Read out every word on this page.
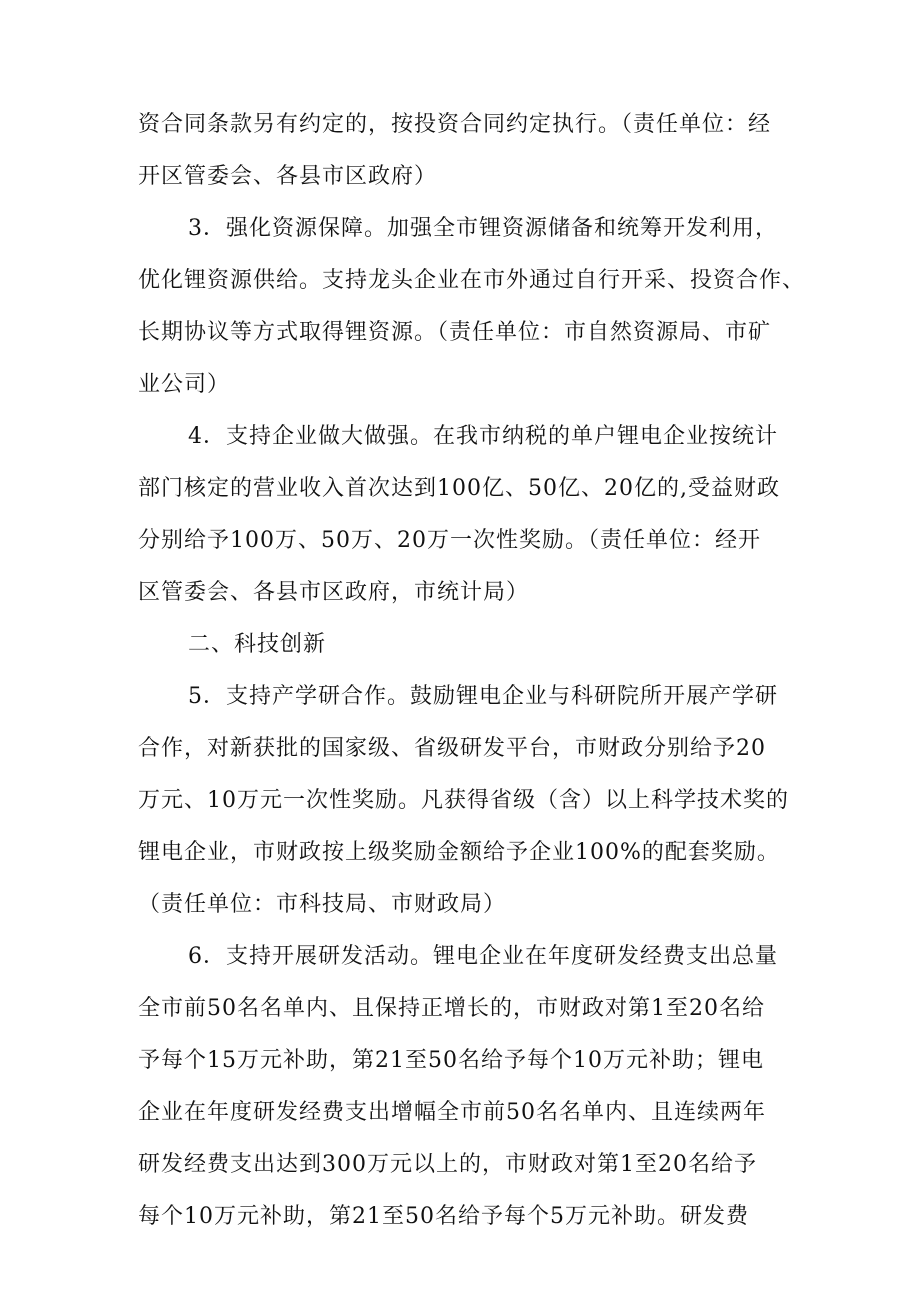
资合同条款另有约定的，按投资合同约定执行。（责任单位：经
开区管委会、各县市区政府）
3．强化资源保障。加强全市锂资源储备和统筹开发利用，
优化锂资源供给。支持龙头企业在市外通过自行开采、投资合作、
长期协议等方式取得锂资源。（责任单位：市自然资源局、市矿
业公司）
4．支持企业做大做强。在我市纳税的单户锂电企业按统计
部门核定的营业收入首次达到100亿、50亿、20亿的,受益财政
分别给予100万、50万、20万一次性奖励。（责任单位：经开
区管委会、各县市区政府，市统计局）
二、科技创新
5．支持产学研合作。鼓励锂电企业与科研院所开展产学研
合作，对新获批的国家级、省级研发平台，市财政分别给予20
万元、10万元一次性奖励。凡获得省级（含）以上科学技术奖的
锂电企业，市财政按上级奖励金额给予企业100%的配套奖励。
（责任单位：市科技局、市财政局）
6．支持开展研发活动。锂电企业在年度研发经费支出总量
全市前50名名单内、且保持正增长的，市财政对第1至20名给
予每个15万元补助，第21至50名给予每个10万元补助；锂电
企业在年度研发经费支出增幅全市前50名名单内、且连续两年
研发经费支出达到300万元以上的，市财政对第1至20名给予
每个10万元补助，第21至50名给予每个5万元补助。研发费
